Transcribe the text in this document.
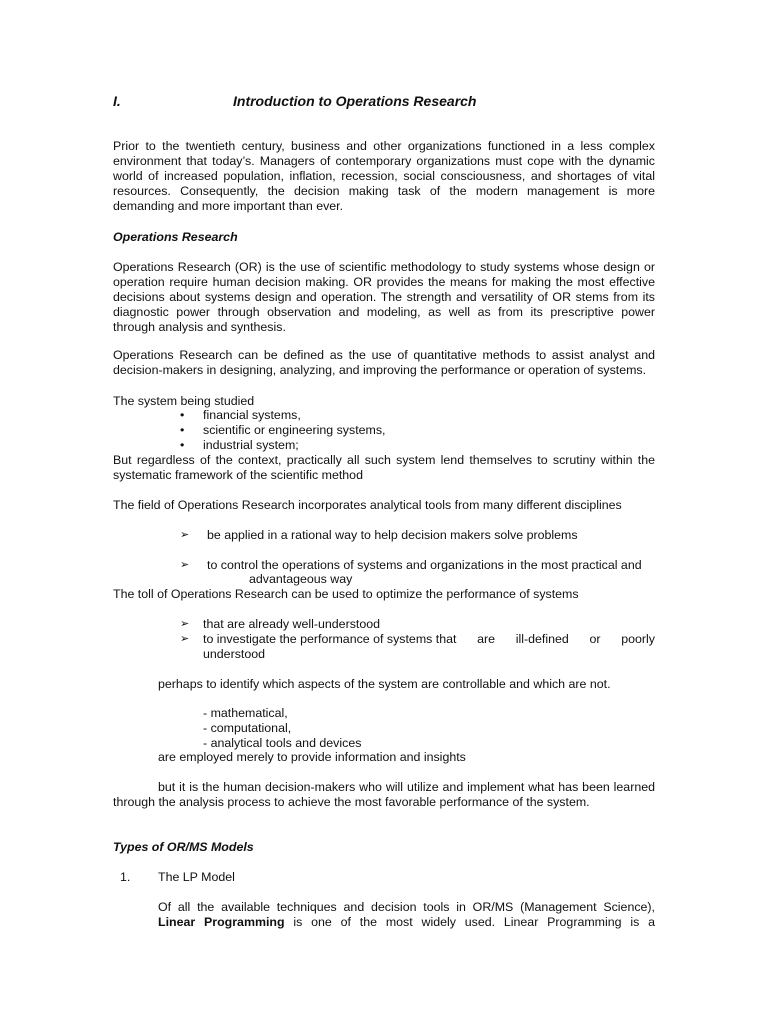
I.	Introduction to Operations Research
Prior to the twentieth century, business and other organizations functioned in a less complex
environment that today’s. Managers of contemporary organizations must cope with the dynamic
world of increased population, inflation, recession, social consciousness, and shortages of vital
resources. Consequently, the decision making task of the modern management is more
demanding and more important than ever.
Operations Research
Operations Research (OR) is the use of scientific methodology to study systems whose design or
operation require human decision making. OR provides the means for making the most effective
decisions about systems design and operation. The strength and versatility of OR stems from its
diagnostic power through observation and modeling, as well as from its prescriptive power
through analysis and synthesis.
Operations Research can be defined as the use of quantitative methods to assist analyst and
decision-makers in designing, analyzing, and improving the performance or operation of systems.
The system being studied
• financial systems,
• scientific or engineering systems,
• industrial system;
But regardless of the context, practically all such system lend themselves to scrutiny within the
systematic framework of the scientific method
The field of Operations Research incorporates analytical tools from many different disciplines
➢ be applied in a rational way to help decision makers solve problems
➢ to control the operations of systems and organizations in the most practical and
advantageous way
The toll of Operations Research can be used to optimize the performance of systems
➢ that are already well-understood
➢ to investigate the performance of systems that are ill-defined or poorly
understood
perhaps to identify which aspects of the system are controllable and which are not.
- mathematical,
- computational,
- analytical tools and devices
are employed merely to provide information and insights
but it is the human decision-makers who will utilize and implement what has been learned
through the analysis process to achieve the most favorable performance of the system.
Types of OR/MS Models
1. The LP Model
Of all the available techniques and decision tools in OR/MS (Management Science),
Linear Programming is one of the most widely used. Linear Programming is a
